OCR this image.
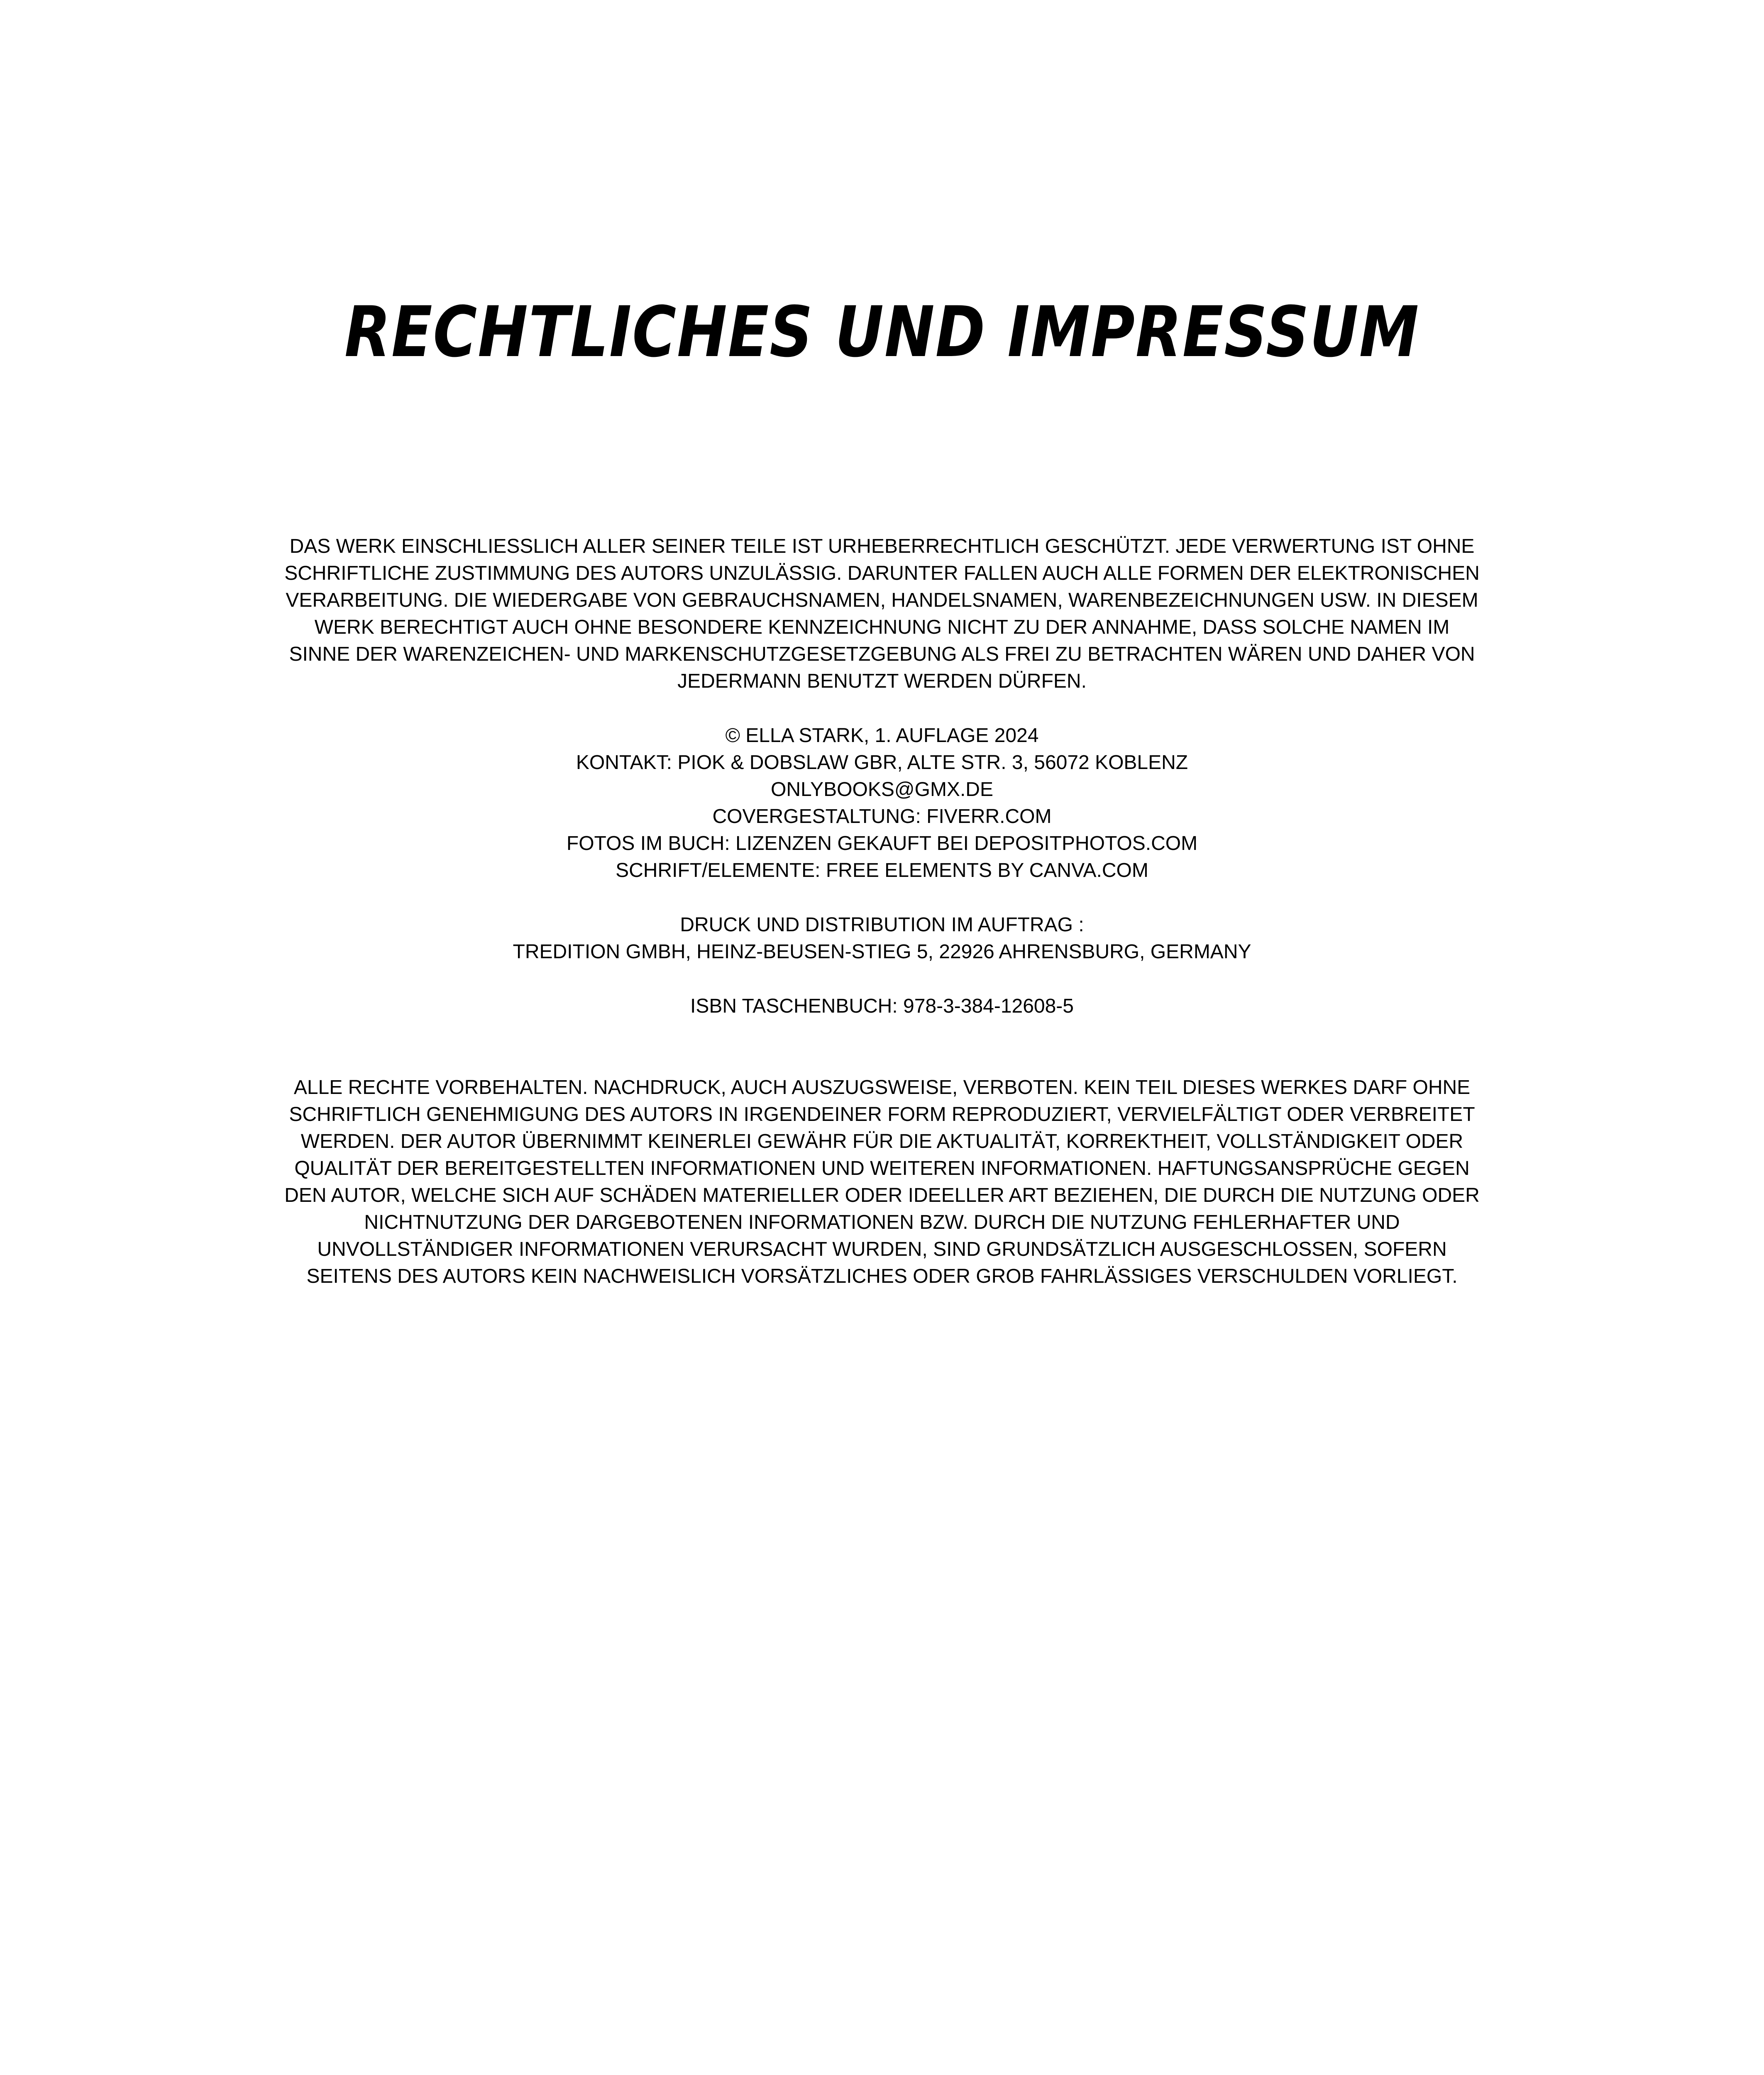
RECHTLICHES UND IMPRESSUM

DAS WERK EINSCHLIESSLICH ALLER SEINER TEILE IST URHEBERRECHTLICH GESCHÜTZT. JEDE VERWERTUNG IST OHNE SCHRIFTLICHE ZUSTIMMUNG DES AUTORS UNZULÄSSIG. DARUNTER FALLEN AUCH ALLE FORMEN DER ELEKTRONISCHEN VERARBEITUNG. DIE WIEDERGABE VON GEBRAUCHSNAMEN, HANDELSNAMEN, WARENBEZEICHNUNGEN USW. IN DIESEM WERK BERECHTIGT AUCH OHNE BESONDERE KENNZEICHNUNG NICHT ZU DER ANNAHME, DASS SOLCHE NAMEN IM SINNE DER WARENZEICHEN- UND MARKENSCHUTZGESETZGEBUNG ALS FREI ZU BETRACHTEN WÄREN UND DAHER VON JEDERMANN BENUTZT WERDEN DÜRFEN.

© ELLA STARK, 1. AUFLAGE 2024
KONTAKT: PIOK & DOBSLAW GBR, ALTE STR. 3, 56072 KOBLENZ
ONLYBOOKS@GMX.DE
COVERGESTALTUNG: FIVERR.COM
FOTOS IM BUCH: LIZENZEN GEKAUFT BEI DEPOSITPHOTOS.COM
SCHRIFT/ELEMENTE: FREE ELEMENTS BY CANVA.COM
DRUCK UND DISTRIBUTION IM AUFTRAG :
TREDITION GMBH, HEINZ-BEUSEN-STIEG 5, 22926 AHRENSBURG, GERMANY
ISBN TASCHENBUCH: 978-3-384-12608-5

ALLE RECHTE VORBEHALTEN. NACHDRUCK, AUCH AUSZUGSWEISE, VERBOTEN. KEIN TEIL DIESES WERKES DARF OHNE SCHRIFTLICH GENEHMIGUNG DES AUTORS IN IRGENDEINER FORM REPRODUZIERT, VERVIELFÄLTIGT ODER VERBREITET WERDEN. DER AUTOR ÜBERNIMMT KEINERLEI GEWÄHR FÜR DIE AKTUALITÄT, KORREKTHEIT, VOLLSTÄNDIGKEIT ODER QUALITÄT DER BEREITGESTELLTEN INFORMATIONEN UND WEITEREN INFORMATIONEN. HAFTUNGSANSPRÜCHE GEGEN DEN AUTOR, WELCHE SICH AUF SCHÄDEN MATERIELLER ODER IDEELLER ART BEZIEHEN, DIE DURCH DIE NUTZUNG ODER NICHTNUTZUNG DER DARGEBOTENEN INFORMATIONEN BZW. DURCH DIE NUTZUNG FEHLERHAFTER UND UNVOLLSTÄNDIGER INFORMATIONEN VERURSACHT WURDEN, SIND GRUNDSÄTZLICH AUSGESCHLOSSEN, SOFERN SEITENS DES AUTORS KEIN NACHWEISLICH VORSÄTZLICHES ODER GROB FAHRLÄSSIGES VERSCHULDEN VORLIEGT.
